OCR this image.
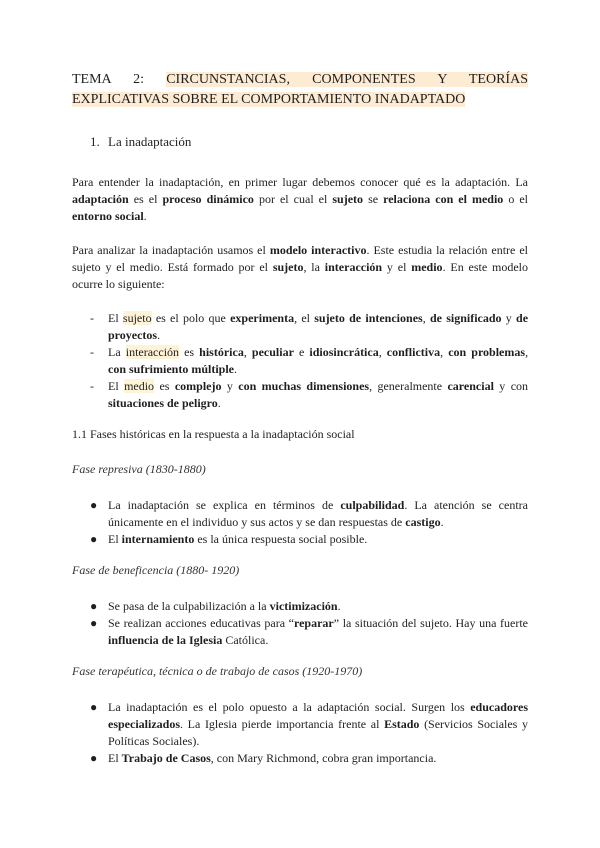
TEMA 2: CIRCUNSTANCIAS, COMPONENTES Y TEORÍAS EXPLICATIVAS SOBRE EL COMPORTAMIENTO INADAPTADO
1. La inadaptación

Para entender la inadaptación, en primer lugar debemos conocer qué es la adaptación. La adaptación es el proceso dinámico por el cual el sujeto se relaciona con el medio o el entorno social.

Para analizar la inadaptación usamos el modelo interactivo. Este estudia la relación entre el sujeto y el medio. Está formado por el sujeto, la interacción y el medio. En este modelo ocurre lo siguiente:

- El sujeto es el polo que experimenta, el sujeto de intenciones, de significado y de proyectos.
- La interacción es histórica, peculiar e idiosincrática, conflictiva, con problemas, con sufrimiento múltiple.
- El medio es complejo y con muchas dimensiones, generalmente carencial y con situaciones de peligro.
1.1 Fases históricas en la respuesta a la inadaptación social
Fase represiva (1830-1880)
● La inadaptación se explica en términos de culpabilidad. La atención se centra únicamente en el individuo y sus actos y se dan respuestas de castigo.
● El internamiento es la única respuesta social posible.
Fase de beneficencia (1880- 1920)
● Se pasa de la culpabilización a la victimización.
● Se realizan acciones educativas para “reparar” la situación del sujeto. Hay una fuerte influencia de la Iglesia Católica.
Fase terapéutica, técnica o de trabajo de casos (1920-1970)
● La inadaptación es el polo opuesto a la adaptación social. Surgen los educadores especializados. La Iglesia pierde importancia frente al Estado (Servicios Sociales y Políticas Sociales).
● El Trabajo de Casos, con Mary Richmond, cobra gran importancia.
